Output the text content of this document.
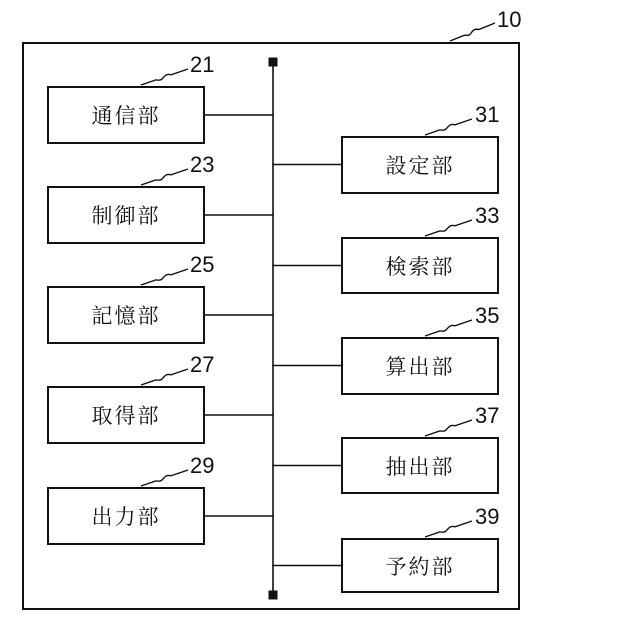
通信部
制御部
記憶部
取得部
出力部
設定部
検索部
算出部
抽出部
予約部
10
21
23
25
27
29
31
33
35
37
39
